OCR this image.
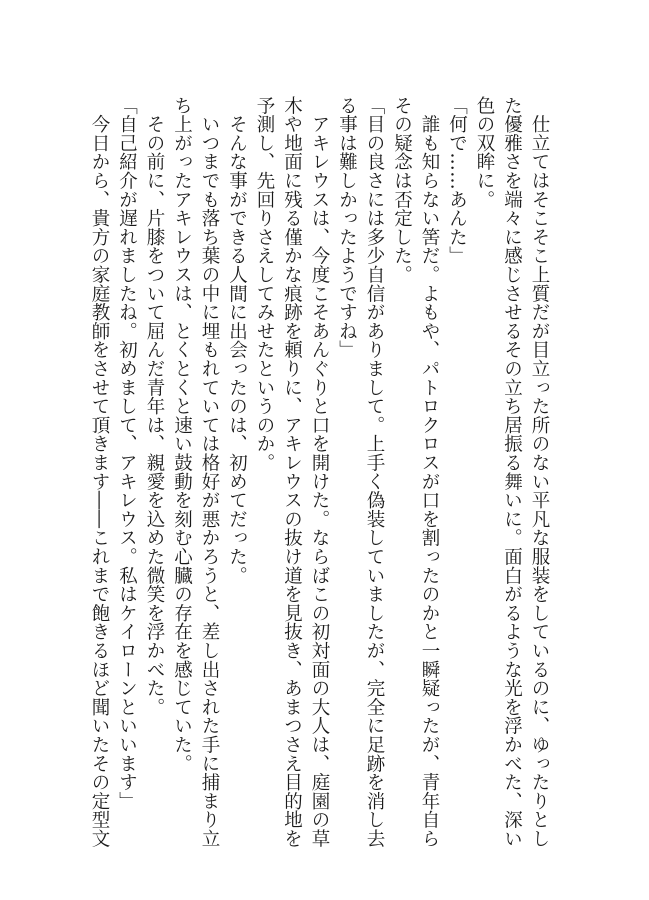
　仕立てはそこそこ上質だが目立った所のない平凡な服装をしているのに、ゆったりとし

た優雅さを端々に感じさせるその立ち居振る舞いに。面白がるような光を浮かべた、深い

色の双眸に。

「何で……あんた」

　誰も知らない筈だ。よもや、パトロクロスが口を割ったのかと一瞬疑ったが、青年自ら

その疑念は否定した。

「目の良さには多少自信がありまして。上手く偽装していましたが、完全に足跡を消し去

る事は難しかったようですね」

　アキレウスは、今度こそあんぐりと口を開けた。ならばこの初対面の大人は、庭園の草

木や地面に残る僅かな痕跡を頼りに、アキレウスの抜け道を見抜き、あまつさえ目的地を

予測し、先回りさえしてみせたというのか。

　そんな事ができる人間に出会ったのは、初めてだった。

　いつまでも落ち葉の中に埋もれていては格好が悪かろうと、差し出された手に捕まり立

ち上がったアキレウスは、とくとくと速い鼓動を刻む心臓の存在を感じていた。

　その前に、片膝をついて屈んだ青年は、親愛を込めた微笑を浮かべた。

「自己紹介が遅れましたね。初めまして、アキレウス。私はケイローンといいます」

　今日から、貴方の家庭教師をさせて頂きます――これまで飽きるほど聞いたその定型文
